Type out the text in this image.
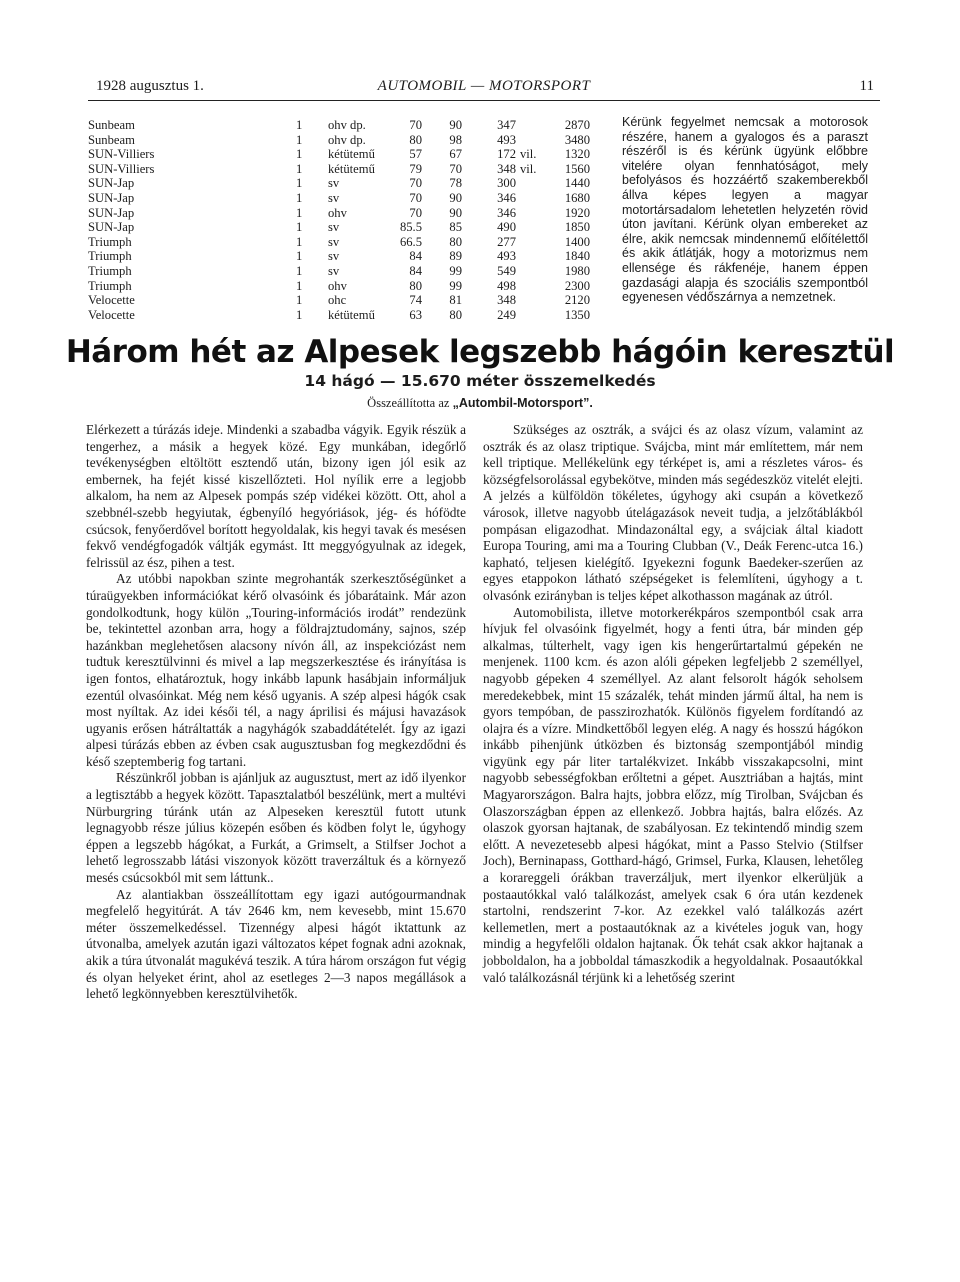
1928 augusztus 1.	AUTOMOBIL — MOTORSPORT	11
Sunbeam	1 ohv dp.	70	90	347	2870
Sunbeam	1 ohv dp.	80	98	493	3480
SUN-Villiers	1 kétütemű	57	67	172 vil.	1320
SUN-Villiers	1 kétütemű	79	70	348 vil.	1560
SUN-Jap	1 sv	70	78	300	1440
SUN-Jap	1 sv	70	90	346	1680
SUN-Jap	1 ohv	70	90	346	1920
SUN-Jap	1 sv	85.5	85	490	1850
Triumph	1 sv	66.5	80	277	1400
Triumph	1 sv	84	89	493	1840
Triumph	1 sv	84	99	549	1980
Triumph	1 ohv	80	99	498	2300
Velocette	1 ohc	74	81	348	2120
Velocette	1 kétütemű	63	80	249	1350
Kérünk fegyelmet nemcsak a motorosok részére, hanem a gyalogos és a paraszt részéről is és kérünk ügyünk előbbre vitelére olyan fennhatóságot, mely befolyásos és hozzáértő szakemberekből állva képes legyen a magyar motortársadalom lehetetlen helyzetén rövid úton javítani. Kérünk olyan embereket az élre, akik nemcsak mindennemű előítélettől és akik átlátják, hogy a motorizmus nem ellensége és rákfenéje, hanem éppen gazdasági alapja és szociális szempontból egyenesen védőszárnya a nemzetnek.
Három hét az Alpesek legszebb hágóin keresztül
14 hágó — 15.670 méter összemelkedés
Összeállította az „Autombil-Motorsport”.

Elérkezett a túrázás ideje. Mindenki a szabadba vágyik. Egyik részük a tengerhez, a másik a hegyek közé. Egy munkában, idegőrlő tevékenységben eltöltött esztendő után, bizony igen jól esik az embernek, ha fejét kissé kiszellőzteti. Hol nyílik erre a legjobb alkalom, ha nem az Alpesek pompás szép vidékei között. Ott, ahol a szebbnél-szebb hegyiutak, égbenyíló hegyóriások, jég- és hófödte csúcsok, fenyőerdővel borított hegyoldalak, kis hegyi tavak és mesésen fekvő vendégfogadók váltják egymást. Itt meggyógyulnak az idegek, felrissül az ész, pihen a test.

Az utóbbi napokban szinte megrohanták szerkesztőségünket a túraügyekben információkat kérő olvasóink és jóbarátaink. Már azon gondolkodtunk, hogy külön „Touring-információs irodát” rendezünk be, tekintettel azonban arra, hogy a földrajztudomány, sajnos, szép hazánkban meglehetősen alacsony nívón áll, az inspekciózást nem tudtuk keresztülvinni és mivel a lap megszerkesztése és irányítása is igen fontos, elhatároztuk, hogy inkább lapunk hasábjain informáljuk ezentúl olvasóinkat. Még nem késő ugyanis. A szép alpesi hágók csak most nyíltak. Az idei késői tél, a nagy áprilisi és májusi havazások ugyanis erősen hátráltatták a nagyhágók szabaddátételét. Így az igazi alpesi túrázás ebben az évben csak augusztusban fog megkezdődni és késő szeptemberig fog tartani.

Részünkről jobban is ajánljuk az augusztust, mert az idő ilyenkor a legtisztább a hegyek között. Tapasztalatból beszélünk, mert a multévi Nürburgring túránk után az Alpeseken keresztül futott utunk legnagyobb része július közepén esőben és ködben folyt le, úgyhogy éppen a legszebb hágókat, a Furkát, a Grimselt, a Stilfser Jochot a lehető legrosszabb látási viszonyok között traverzáltuk és a környező mesés csúcsokból mit sem láttunk..

Az alantiakban összeállítottam egy igazi autógourmandnak megfelelő hegyitúrát. A táv 2646 km, nem kevesebb, mint 15.670 méter összemelkedéssel. Tizennégy alpesi hágót iktattunk az útvonalba, amelyek azután igazi változatos képet fognak adni azoknak, akik a túra útvonalát magukévá teszik. A túra három országon fut végig és olyan helyeket érint, ahol az esetleges 2—3 napos megállások a lehető legkönnyebben keresztülvihetők.

Szükséges az osztrák, a svájci és az olasz vízum, valamint az osztrák és az olasz triptique. Svájcba, mint már említettem, már nem kell triptique. Mellékelünk egy térképet is, ami a részletes város- és községfelsorolással egybekötve, minden más segédeszköz vitelét elejti. A jelzés a külföldön tökéletes, úgyhogy aki csupán a következő városok, illetve nagyobb útelágazások neveit tudja, a jelzőtáblákból pompásan eligazodhat. Mindazonáltal egy, a svájciak által kiadott Europa Touring, ami ma a Touring Clubban (V., Deák Ferenc-utca 16.) kapható, teljesen kielégítő. Igyekezni fogunk Baedeker-szerűen az egyes etappokon látható szépségeket is felemlíteni, úgyhogy a t. olvasónk ezirányban is teljes képet alkothasson magának az útról.

Automobilista, illetve motorkerékpáros szempontból csak arra hívjuk fel olvasóink figyelmét, hogy a fenti útra, bár minden gép alkalmas, túlterhelt, vagy igen kis hengerűrtartalmú gépekén ne menjenek. 1100 kcm. és azon alóli gépeken legfeljebb 2 személlyel, nagyobb gépeken 4 személlyel. Az alant felsorolt hágók seholsem meredekebbek, mint 15 százalék, tehát minden jármű által, ha nem is gyors tempóban, de passzirozhatók. Különös figyelem fordítandó az olajra és a vízre. Mindkettőből legyen elég. A nagy és hosszú hágókon inkább pihenjünk útközben és biztonság szempontjából mindig vigyünk egy pár liter tartalékvizet. Inkább visszakapcsolni, mint nagyobb sebességfokban erőltetni a gépet. Ausztriában a hajtás, mint Magyarországon. Balra hajts, jobbra előzz, míg Tirolban, Svájcban és Olaszországban éppen az ellenkező. Jobbra hajtás, balra előzés. Az olaszok gyorsan hajtanak, de szabályosan. Ez tekintendő mindig szem előtt. A nevezetesebb alpesi hágókat, mint a Passo Stelvio (Stilfser Joch), Berninapass, Gotthard-hágó, Grimsel, Furka, Klausen, lehetőleg a korareggeli órákban traverzáljuk, mert ilyenkor elkerüljük a postaautókkal való találkozást, amelyek csak 6 óra után kezdenek startolni, rendszerint 7-kor. Az ezekkel való találkozás azért kellemetlen, mert a postaautóknak az a kivételes joguk van, hogy mindig a hegyfelőli oldalon hajtanak. Ők tehát csak akkor hajtanak a jobboldalon, ha a jobboldal támaszkodik a hegyoldalnak. Posaautókkal való találkozásnál térjünk ki a lehetőség szerint
